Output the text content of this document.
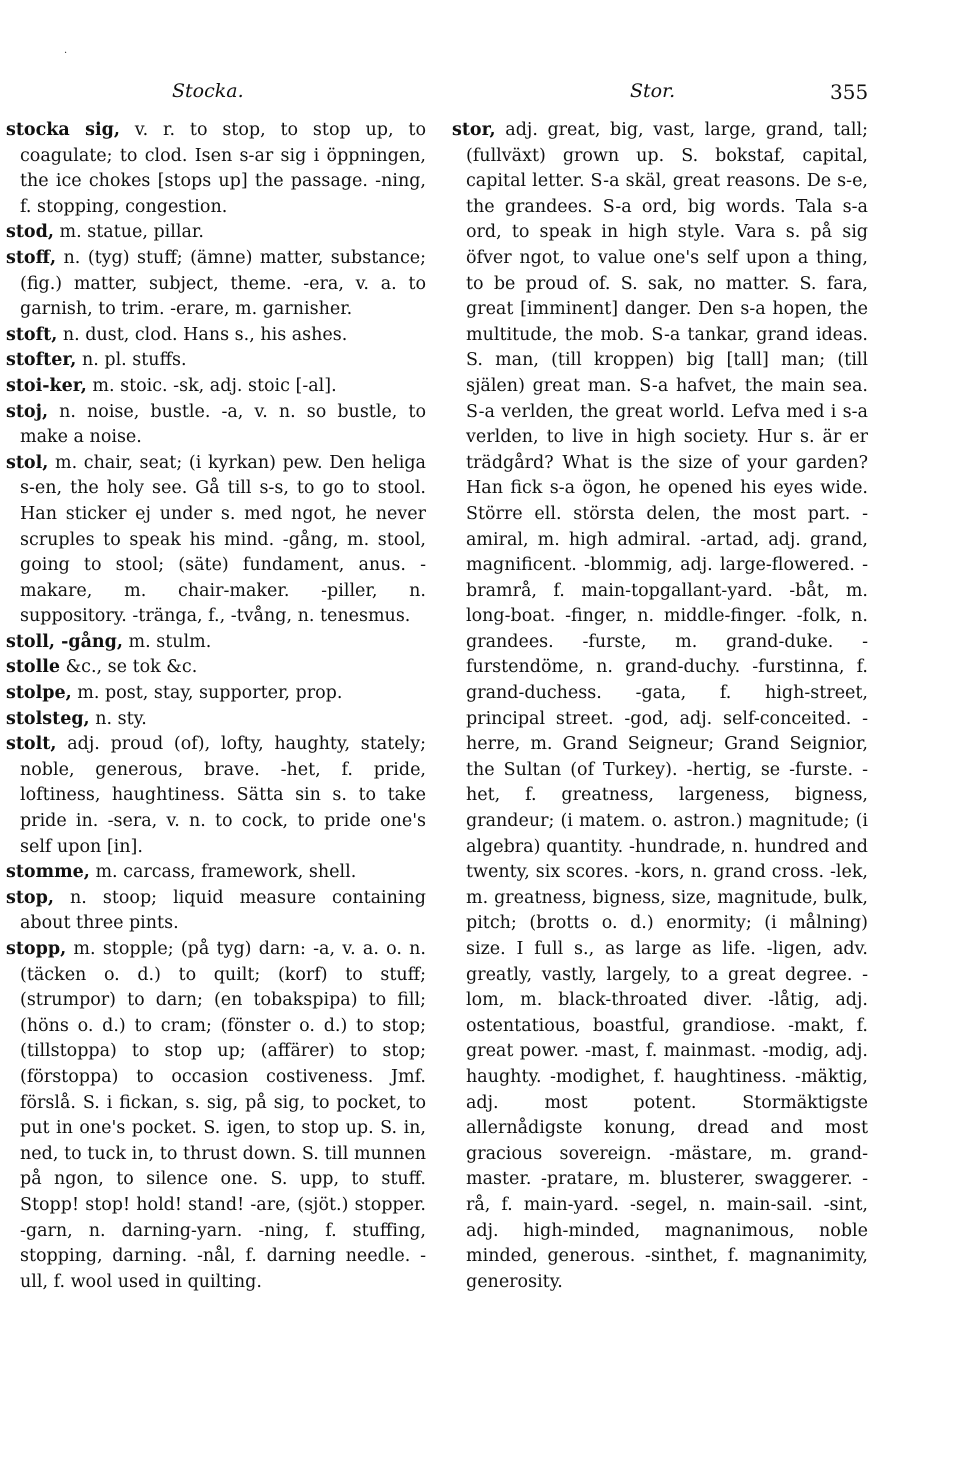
·
Stocka.	Stor.	355

stocka sig, v. r. to stop, to stop up, to coagulate; to clod. Isen s-ar sig i öppningen, the ice chokes [stops up] the passage. -ning, f. stopping, congestion.

stod, m. statue, pillar.

stoff, n. (tyg) stuff; (ämne) matter, substance; (fig.) matter, subject, theme. -era, v. a. to garnish, to trim. -erare, m. garnisher.

stoft, n. dust, clod. Hans s., his ashes.

stofter, n. pl. stuffs.

stoi-ker, m. stoic. -sk, adj. stoic [-al].

stoj, n. noise, bustle. -a, v. n. so bustle, to make a noise.

stol, m. chair, seat; (i kyrkan) pew. Den heliga s-en, the holy see. Gå till s-s, to go to stool. Han sticker ej under s. med ngot, he never scruples to speak his mind. -gång, m. stool, going to stool; (säte) fundament, anus. -makare, m. chair-maker. -piller, n. suppository. -tränga, f., -tvång, n. tenesmus.

stoll, -gång, m. stulm.

stolle &c., se tok &c.

stolpe, m. post, stay, supporter, prop.

stolsteg, n. sty.

stolt, adj. proud (of), lofty, haughty, stately; noble, generous, brave. -het, f. pride, loftiness, haughtiness. Sätta sin s. to take pride in. -sera, v. n. to cock, to pride one's self upon [in].

stomme, m. carcass, framework, shell.

stop, n. stoop; liquid measure containing about three pints.

stopp, m. stopple; (på tyg) darn: -a, v. a. o. n. (täcken o. d.) to quilt; (korf) to stuff; (strumpor) to darn; (en tobakspipa) to fill; (höns o. d.) to cram; (fönster o. d.) to stop; (tillstoppa) to stop up; (affärer) to stop; (förstoppa) to occasion costiveness. Jmf. förslå. S. i fickan, s. sig, på sig, to pocket, to put in one's pocket. S. igen, to stop up. S. in, ned, to tuck in, to thrust down. S. till munnen på ngon, to silence one. S. upp, to stuff. Stopp! stop! hold! stand! -are, (sjöt.) stopper. -garn, n. darning-yarn. -ning, f. stuffing, stopping, darning. -nål, f. darning needle. -ull, f. wool used in quilting.

stor, adj. great, big, vast, large, grand, tall; (fullväxt) grown up. S. bokstaf, capital, capital letter. S-a skäl, great reasons. De s-e, the grandees. S-a ord, big words. Tala s-a ord, to speak in high style. Vara s. på sig öfver ngot, to value one's self upon a thing, to be proud of. S. sak, no matter. S. fara, great [imminent] danger. Den s-a hopen, the multitude, the mob. S-a tankar, grand ideas. S. man, (till kroppen) big [tall] man; (till själen) great man. S-a hafvet, the main sea. S-a verlden, the great world. Lefva med i s-a verlden, to live in high society. Hur s. är er trädgård? What is the size of your garden? Han fick s-a ögon, he opened his eyes wide. Större ell. största delen, the most part. -amiral, m. high admiral. -artad, adj. grand, magnificent. -blommig, adj. large-flowered. -bramrå, f. main-topgallant-yard. -båt, m. long-boat. -finger, n. middle-finger. -folk, n. grandees. -furste, m. grand-duke. -furstendöme, n. grand-duchy. -furstinna, f. grand-duchess. -gata, f. high-street, principal street. -god, adj. self-conceited. -herre, m. Grand Seigneur; Grand Seignior, the Sultan (of Turkey). -hertig, se -furste. -het, f. greatness, largeness, bigness, grandeur; (i matem. o. astron.) magnitude; (i algebra) quantity. -hundrade, n. hundred and twenty, six scores. -kors, n. grand cross. -lek, m. greatness, bigness, size, magnitude, bulk, pitch; (brotts o. d.) enormity; (i målning) size. I full s., as large as life. -ligen, adv. greatly, vastly, largely, to a great degree. -lom, m. black-throated diver. -låtig, adj. ostentatious, boastful, grandiose. -makt, f. great power. -mast, f. mainmast. -modig, adj. haughty. -modighet, f. haughtiness. -mäktig, adj. most potent. Stormäktigste allernådigste konung, dread and most gracious sovereign. -mästare, m. grand-master. -pratare, m. blusterer, swaggerer. -rå, f. main-yard. -segel, n. main-sail. -sint, adj. high-minded, magnanimous, noble minded, generous. -sinthet, f. magnanimity, generosity.
